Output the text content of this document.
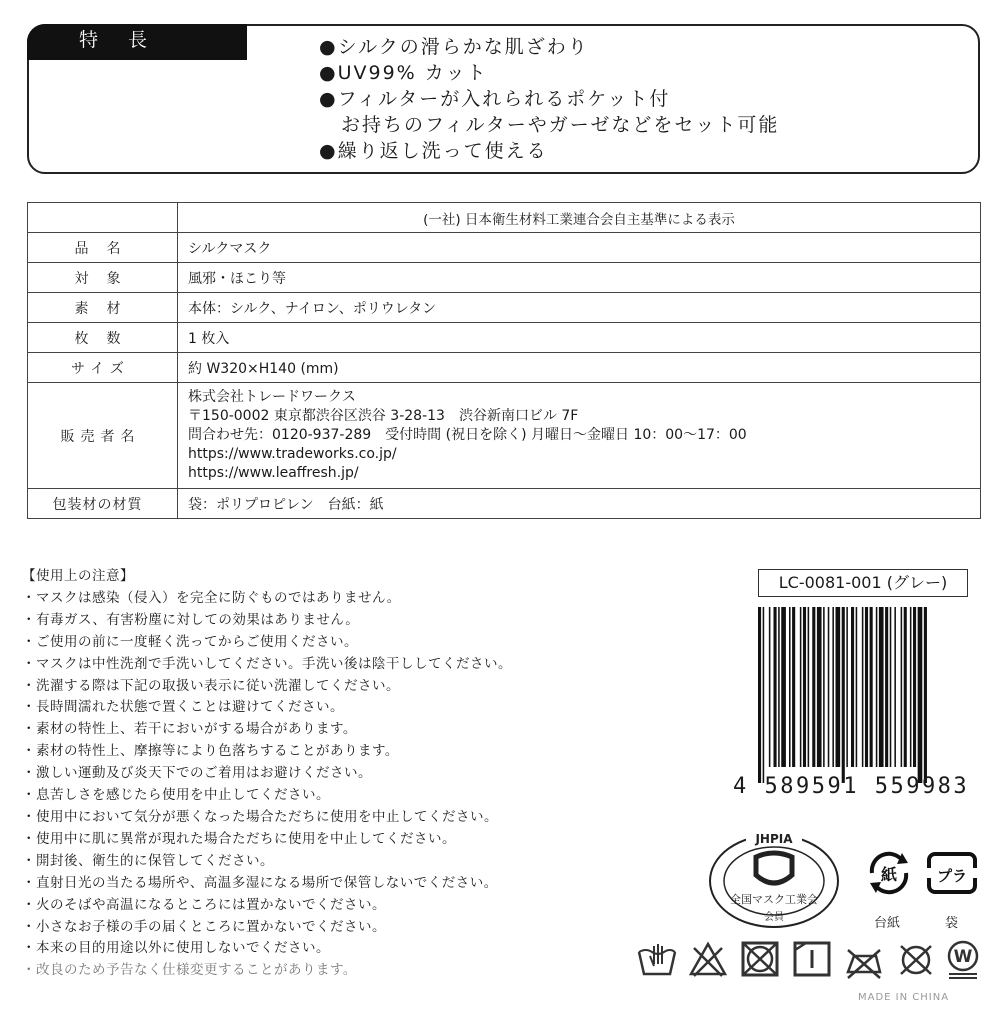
特長	●シルクの滑らかな肌ざわり
●UV99% カット
●フィルターが入れられるポケット付
お持ちのフィルターやガーゼなどをセット可能
●繰り返し洗って使える
	(一社) 日本衛生材料工業連合会自主基準による表示
品名	シルクマスク
対象	風邪・ほこり等
素材	本体：シルク、ナイロン、ポリウレタン
枚数	1 枚入
サイズ	約 W320×H140 (mm)
販売者名	株式会社トレードワークス
〒150-0002 東京都渋谷区渋谷 3-28-13　渋谷新南口ビル 7F
問合わせ先：0120-937-289　受付時間 (祝日を除く) 月曜日～金曜日 10：00～17：00
https://www.tradeworks.co.jp/
https://www.leaffresh.jp/

包装材の材質	袋：ポリプロピレン　台紙：紙
【使用上の注意】
・マスクは感染（侵入）を完全に防ぐものではありません。
・有毒ガス、有害粉塵に対しての効果はありません。
・ご使用の前に一度軽く洗ってからご使用ください。
・マスクは中性洗剤で手洗いしてください。手洗い後は陰干ししてください。
・洗濯する際は下記の取扱い表示に従い洗濯してください。
・長時間濡れた状態で置くことは避けてください。
・素材の特性上、若干においがする場合があります。
・素材の特性上、摩擦等により色落ちすることがあります。
・激しい運動及び炎天下でのご着用はお避けください。
・息苦しさを感じたら使用を中止してください。
・使用中において気分が悪くなった場合ただちに使用を中止してください。
・使用中に肌に異常が現れた場合ただちに使用を中止してください。
・開封後、衛生的に保管してください。
・直射日光の当たる場所や、高温多湿になる場所で保管しないでください。
・火のそばや高温になるところには置かないでください。
・小さなお子様の手の届くところに置かないでください。
・本来の目的用途以外に使用しないでください。
・改良のため予告なく仕様変更することがあります。
LC-0081-001 (グレー)
4 589591 559983
JHPIA
全国マスク工業会
会員
紙
台紙
プラ
袋
W
MADE IN CHINA
